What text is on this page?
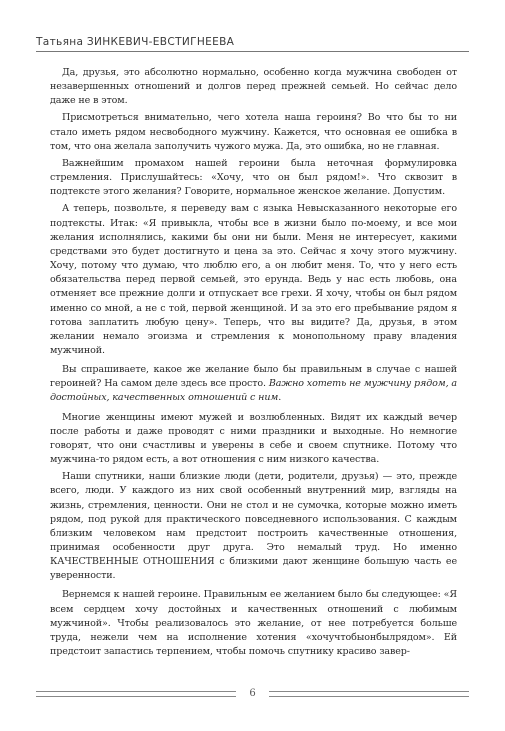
Татьяна ЗИНКЕВИЧ-ЕВСТИГНЕЕВА

Да, друзья, это абсолютно нормально, особенно когда мужчина свободен от незавершенных отношений и долгов перед прежней семьей. Но сейчас дело даже не в этом.

Присмотреться внимательно, чего хотела наша героиня? Во что бы то ни стало иметь рядом несвободного мужчину. Кажется, что основная ее ошибка в том, что она желала заполучить чужого мужа. Да, это ошибка, но не главная.

Важнейшим промахом нашей героини была неточная формулировка стремления. Прислушайтесь: «Хочу, что он был рядом!». Что сквозит в подтексте этого желания? Говорите, нормальное женское желание. Допустим.

А теперь, позвольте, я переведу вам с языка Невысказанного некоторые его подтексты. Итак: «Я привыкла, чтобы все в жизни было по-моему, и все мои желания исполнялись, какими бы они ни были. Меня не интересует, какими средствами это будет достигнуто и цена за это. Сейчас я хочу этого мужчину. Хочу, потому что думаю, что люблю его, а он любит меня. То, что у него есть обязательства перед первой семьей, это ерунда. Ведь у нас есть любовь, она отменяет все прежние долги и отпускает все грехи. Я хочу, чтобы он был рядом именно со мной, а не с той, первой женщиной. И за это его пребывание рядом я готова заплатить любую цену». Теперь, что вы видите? Да, друзья, в этом желании немало эгоизма и стремления к монопольному праву владения мужчиной.

Вы спрашиваете, какое же желание было бы правильным в случае с нашей героиней? На самом деле здесь все просто. Важно хотеть не мужчину рядом, а достойных, качественных отношений с ним.

Многие женщины имеют мужей и возлюбленных. Видят их каждый вечер после работы и даже проводят с ними праздники и выходные. Но немногие говорят, что они счастливы и уверены в себе и своем спутнике. Потому что мужчина-то рядом есть, а вот отношения с ним низкого качества.

Наши спутники, наши близкие люди (дети, родители, друзья) — это, прежде всего, люди. У каждого из них свой особенный внутренний мир, взгляды на жизнь, стремления, ценности. Они не стол и не сумочка, которые можно иметь рядом, под рукой для практического повседневного использования. С каждым близким человеком нам предстоит построить качественные отношения, принимая особенности друг друга. Это немалый труд. Но именно КАЧЕСТВЕННЫЕ ОТНОШЕНИЯ с близкими дают женщине большую часть ее уверенности.

Вернемся к нашей героине. Правильным ее желанием было бы следующее: «Я всем сердцем хочу достойных и качественных отношений с любимым мужчиной». Чтобы реализовалось это желание, от нее потребуется больше труда, нежели чем на исполнение хотения «хочучтобыонбылрядом». Ей предстоит запастись терпением, чтобы помочь спутнику красиво завер-

6
